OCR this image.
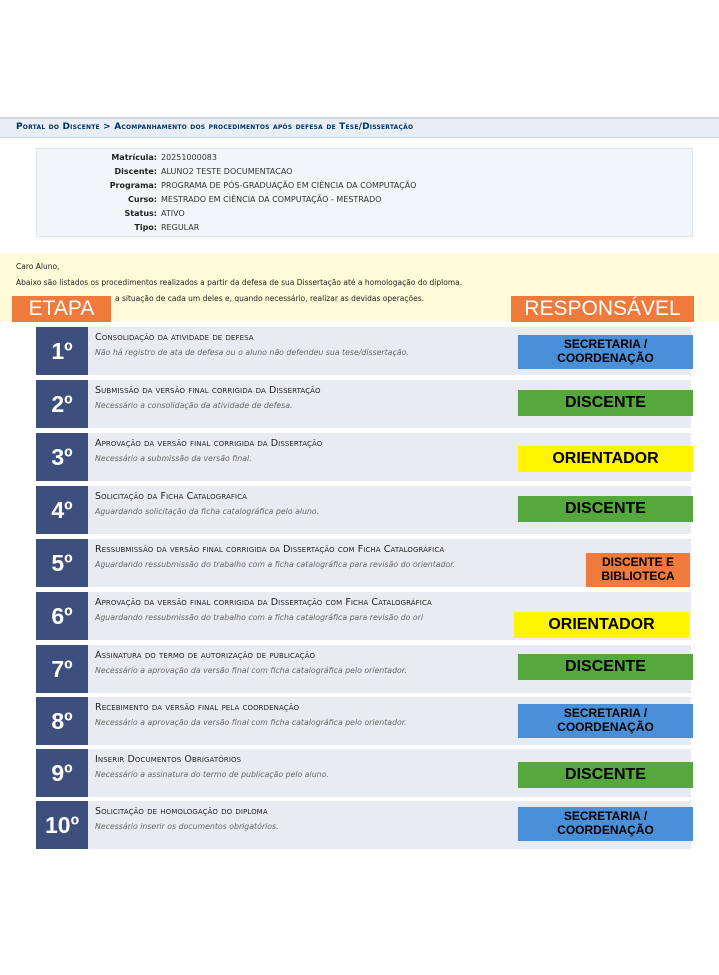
Portal do Discente > Acompanhamento dos procedimentos após defesa de Tese/Dissertação
Matrícula: 20251000083
Discente: ALUNO2 TESTE DOCUMENTACAO
Programa: PROGRAMA DE PÓS-GRADUAÇÃO EM CIÊNCIA DA COMPUTAÇÃO
Curso: MESTRADO EM CIÊNCIA DA COMPUTAÇÃO - MESTRADO
Status: ATIVO
Tipo: REGULAR

Caro Aluno,

Abaixo são listados os procedimentos realizados a partir da defesa de sua Dissertação até a homologação do diploma.

a situação de cada um deles e, quando necessário, realizar as devidas operações.

ETAPA	RESPONSÁVEL
1º
Consolidação da atividade de defesa
Não há registro de ata de defesa ou o aluno não defendeu sua tese/dissertação.
2º
Submissão da versão final corrigida da Dissertação
Necessário a consolidação da atividade de defesa.
3º
Aprovação da versão final corrigida da Dissertação
Necessário a submissão da versão final.
4º
Solicitação da Ficha Catalográfica
Aguardando solicitação da ficha catalográfica pelo aluno.
5º
Ressubmissão da versão final corrigida da Dissertação com Ficha Catalográfica
Aguardando ressubmissão do trabalho com a ficha catalográfica para revisão do orientador.
6º
Aprovação da versão final corrigida da Dissertação com Ficha Catalográfica
Aguardando ressubmissão do trabalho com a ficha catalográfica para revisão do ori
7º
Assinatura do termo de autorização de publicação
Necessário a aprovação da versão final com ficha catalográfica pelo orientador.
8º
Recebimento da versão final pela coordenação
Necessário a aprovação da versão final com ficha catalográfica pelo orientador.
9º
Inserir Documentos Obrigatórios
Necessário a assinatura do termo de publicação pelo aluno.
10º
Solicitação de homologação do diploma
Necessário inserir os documentos obrigatórios.
SECRETARIA / COORDENAÇÃO
DISCENTE
ORIENTADOR
DISCENTE
DISCENTE E BIBLIOTECA
ORIENTADOR
DISCENTE
SECRETARIA / COORDENAÇÃO
DISCENTE
SECRETARIA / COORDENAÇÃO
